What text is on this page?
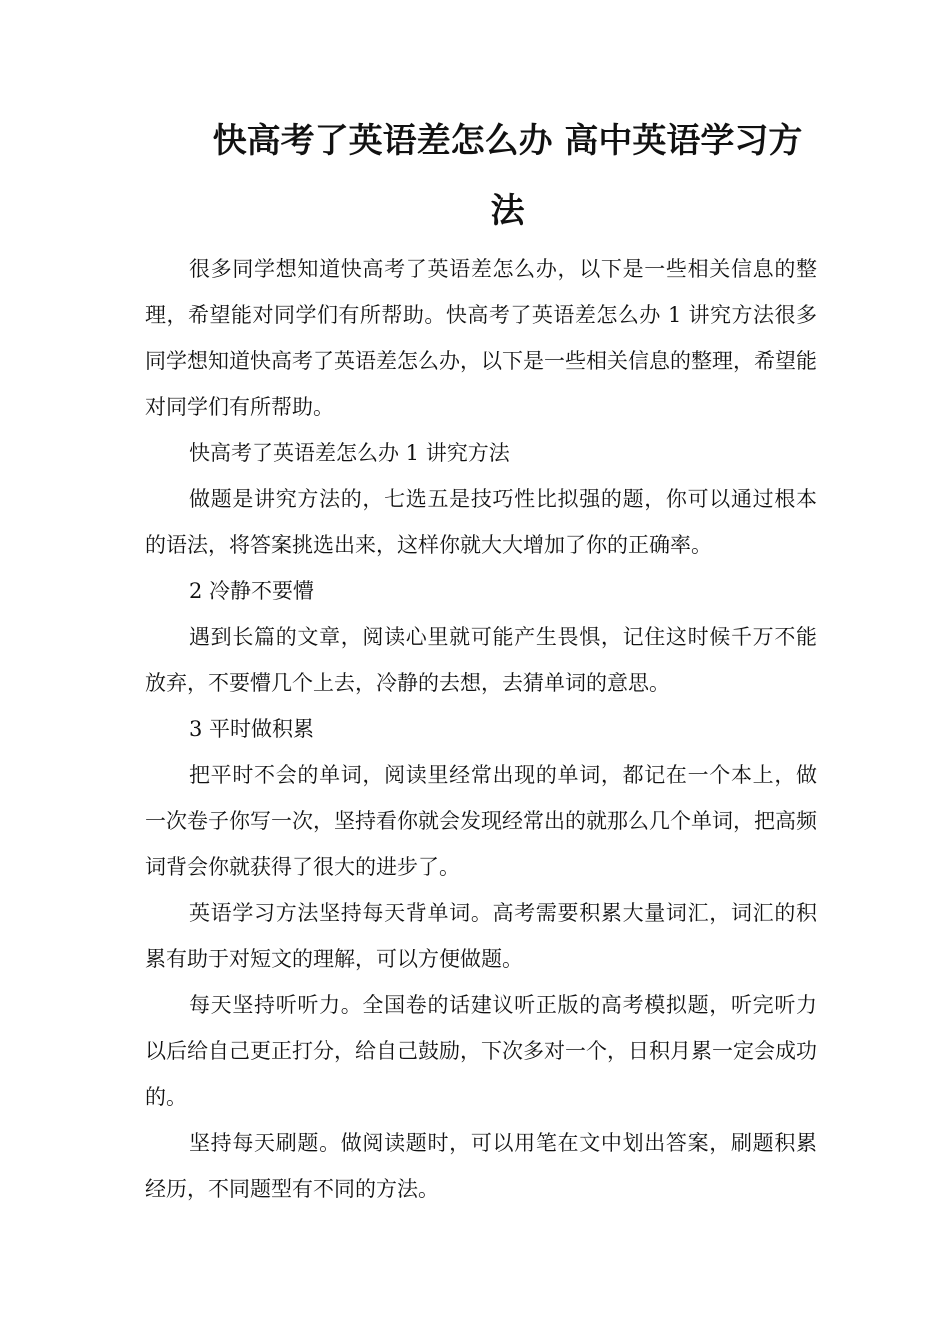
快高考了英语差怎么办 高中英语学习方
法

很多同学想知道快高考了英语差怎么办，以下是一些相关信息的整理，希望能对同学们有所帮助。快高考了英语差怎么办 1 讲究方法很多同学想知道快高考了英语差怎么办，以下是一些相关信息的整理，希望能对同学们有所帮助。

快高考了英语差怎么办 1 讲究方法

做题是讲究方法的，七选五是技巧性比拟强的题，你可以通过根本的语法，将答案挑选出来，这样你就大大增加了你的正确率。

2 冷静不要懵

遇到长篇的文章，阅读心里就可能产生畏惧，记住这时候千万不能放弃，不要懵几个上去，冷静的去想，去猜单词的意思。

3 平时做积累

把平时不会的单词，阅读里经常出现的单词，都记在一个本上，做一次卷子你写一次，坚持看你就会发现经常出的就那么几个单词，把高频词背会你就获得了很大的进步了。

英语学习方法坚持每天背单词。高考需要积累大量词汇，词汇的积累有助于对短文的理解，可以方便做题。

每天坚持听听力。全国卷的话建议听正版的高考模拟题，听完听力以后给自己更正打分，给自己鼓励，下次多对一个，日积月累一定会成功的。

坚持每天刷题。做阅读题时，可以用笔在文中划出答案，刷题积累经历，不同题型有不同的方法。
